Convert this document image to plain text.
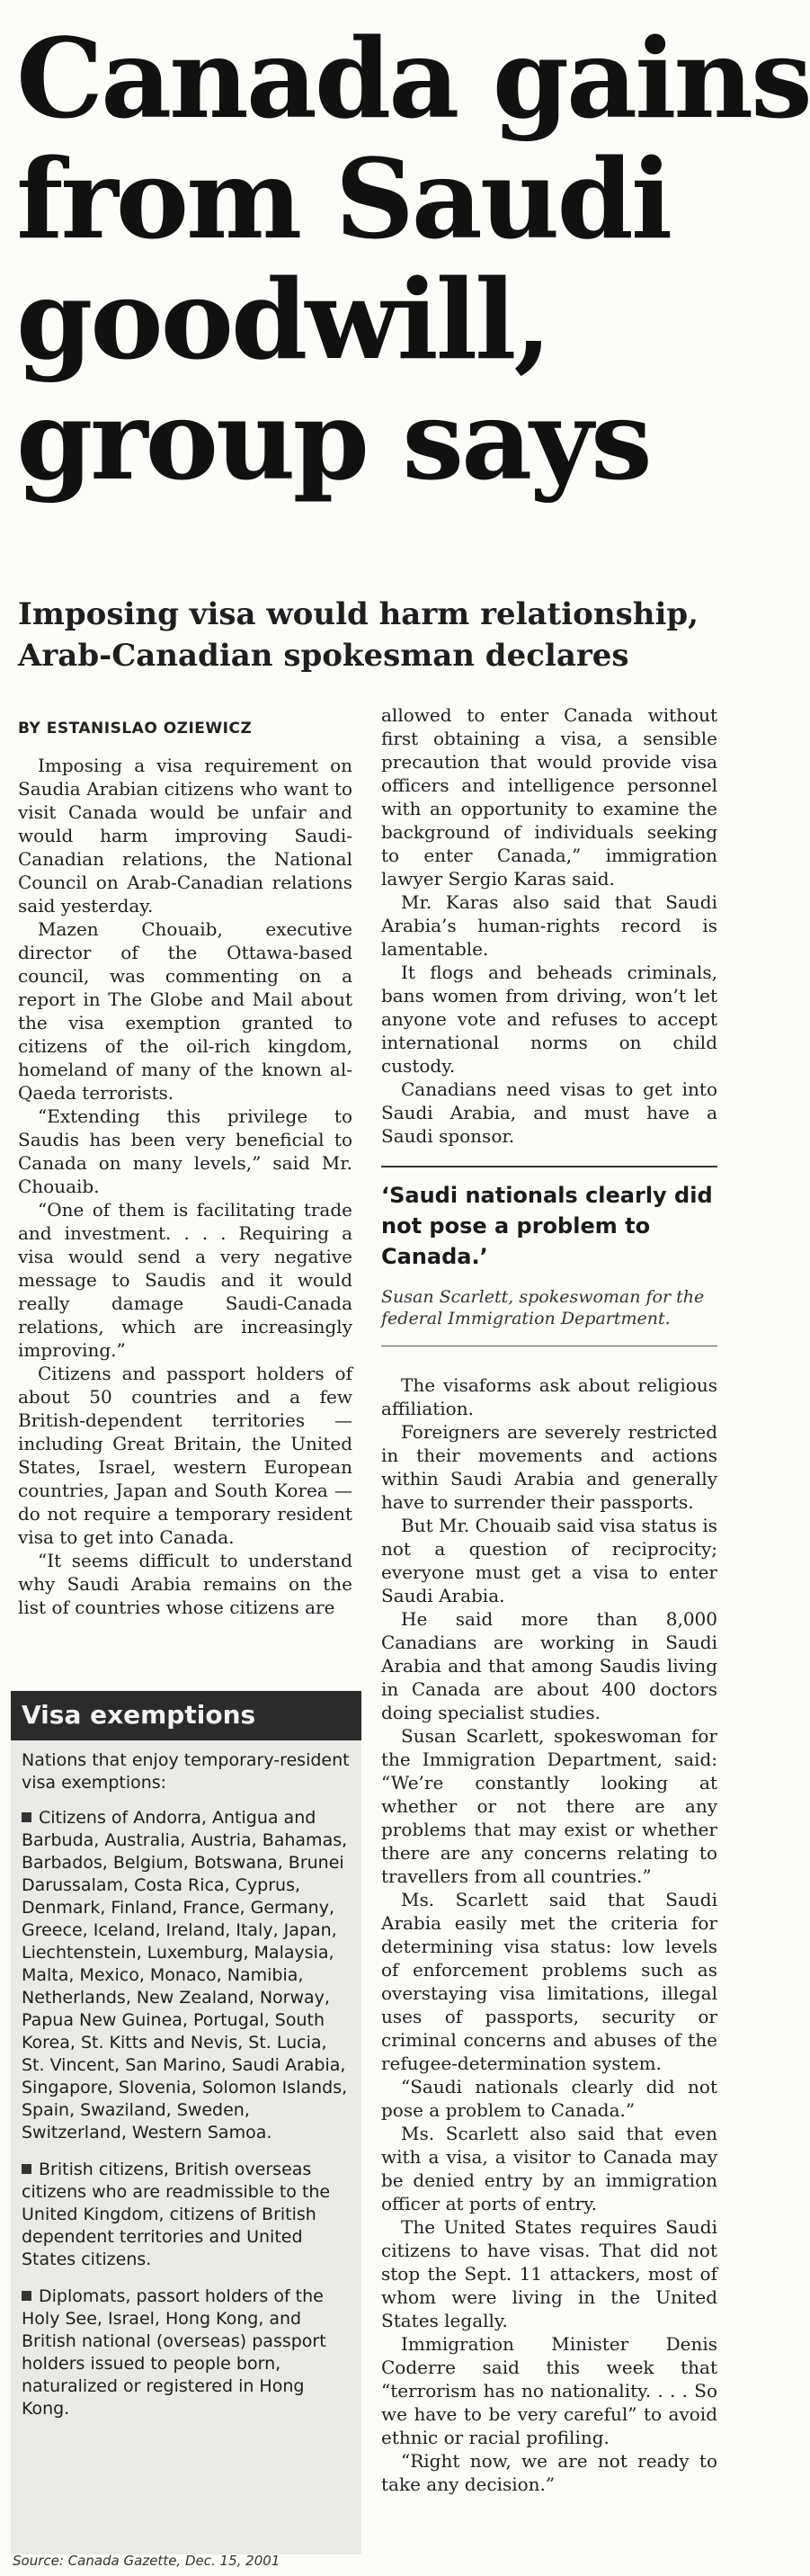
Canada gains
from Saudi
goodwill,
group says
Imposing visa would harm relationship,
Arab-Canadian spokesman declares
BY ESTANISLAO OZIEWICZ

Imposing a visa requirement on Saudia Arabian citizens who want to visit Canada would be unfair and would harm improving Saudi-Canadian relations, the National Council on Arab-Canadian relations said yesterday.

Mazen Chouaib, executive director of the Ottawa-based council, was commenting on a report in The Globe and Mail about the visa exemption granted to citizens of the oil-rich kingdom, homeland of many of the known al-Qaeda terrorists.

“Extending this privilege to Saudis has been very beneficial to Canada on many levels,” said Mr. Chouaib.

“One of them is facilitating trade and investment. . . . Requiring a visa would send a very negative message to Saudis and it would really damage Saudi-Canada relations, which are increasingly improving.”

Citizens and passport holders of about 50 countries and a few British-dependent territories — including Great Britain, the United States, Israel, western European countries, Japan and South Korea — do not require a temporary resident visa to get into Canada.

“It seems difficult to understand why Saudi Arabia remains on the list of countries whose citizens are

allowed to enter Canada without first obtaining a visa, a sensible precaution that would provide visa officers and intelligence personnel with an opportunity to examine the background of individuals seeking to enter Canada,” immigration lawyer Sergio Karas said.

Mr. Karas also said that Saudi Arabia’s human-rights record is lamentable.

It flogs and beheads criminals, bans women from driving, won’t let anyone vote and refuses to accept international norms on child custody.

Canadians need visas to get into Saudi Arabia, and must have a Saudi sponsor.

‘Saudi nationals clearly did not pose a problem to Canada.’
Susan Scarlett, spokeswoman for the federal Immigration Department.

The visaforms ask about religious affiliation.

Foreigners are severely restricted in their movements and actions within Saudi Arabia and generally have to surrender their passports.

But Mr. Chouaib said visa status is not a question of reciprocity; everyone must get a visa to enter Saudi Arabia.

He said more than 8,000 Canadians are working in Saudi Arabia and that among Saudis living in Canada are about 400 doctors doing specialist studies.

Susan Scarlett, spokeswoman for the Immigration Department, said: “We’re constantly looking at whether or not there are any problems that may exist or whether there are any concerns relating to travellers from all countries.”

Ms. Scarlett said that Saudi Arabia easily met the criteria for determining visa status: low levels of enforcement problems such as overstaying visa limitations, illegal uses of passports, security or criminal concerns and abuses of the refugee-determination system.

“Saudi nationals clearly did not pose a problem to Canada.”

Ms. Scarlett also said that even with a visa, a visitor to Canada may be denied entry by an immigration officer at ports of entry.

The United States requires Saudi citizens to have visas. That did not stop the Sept. 11 attackers, most of whom were living in the United States legally.

Immigration Minister Denis Coderre said this week that “terrorism has no nationality. . . . So we have to be very careful” to avoid ethnic or racial profiling.

“Right now, we are not ready to take any decision.”

Visa exemptions

Nations that enjoy temporary-resident visa exemptions:

Citizens of Andorra, Antigua and Barbuda, Australia, Austria, Bahamas, Barbados, Belgium, Botswana, Brunei Darussalam, Costa Rica, Cyprus, Denmark, Finland, France, Germany, Greece, Iceland, Ireland, Italy, Japan, Liechtenstein, Luxemburg, Malaysia, Malta, Mexico, Monaco, Namibia, Netherlands, New Zealand, Norway, Papua New Guinea, Portugal, South Korea, St. Kitts and Nevis, St. Lucia, St. Vincent, San Marino, Saudi Arabia, Singapore, Slovenia, Solomon Islands, Spain, Swaziland, Sweden, Switzerland, Western Samoa.

British citizens, British overseas citizens who are readmissible to the United Kingdom, citizens of British dependent territories and United States citizens.

Diplomats, passort holders of the Holy See, Israel, Hong Kong, and British national (overseas) passport holders issued to people born, naturalized or registered in Hong Kong.

Source: Canada Gazette, Dec. 15, 2001
